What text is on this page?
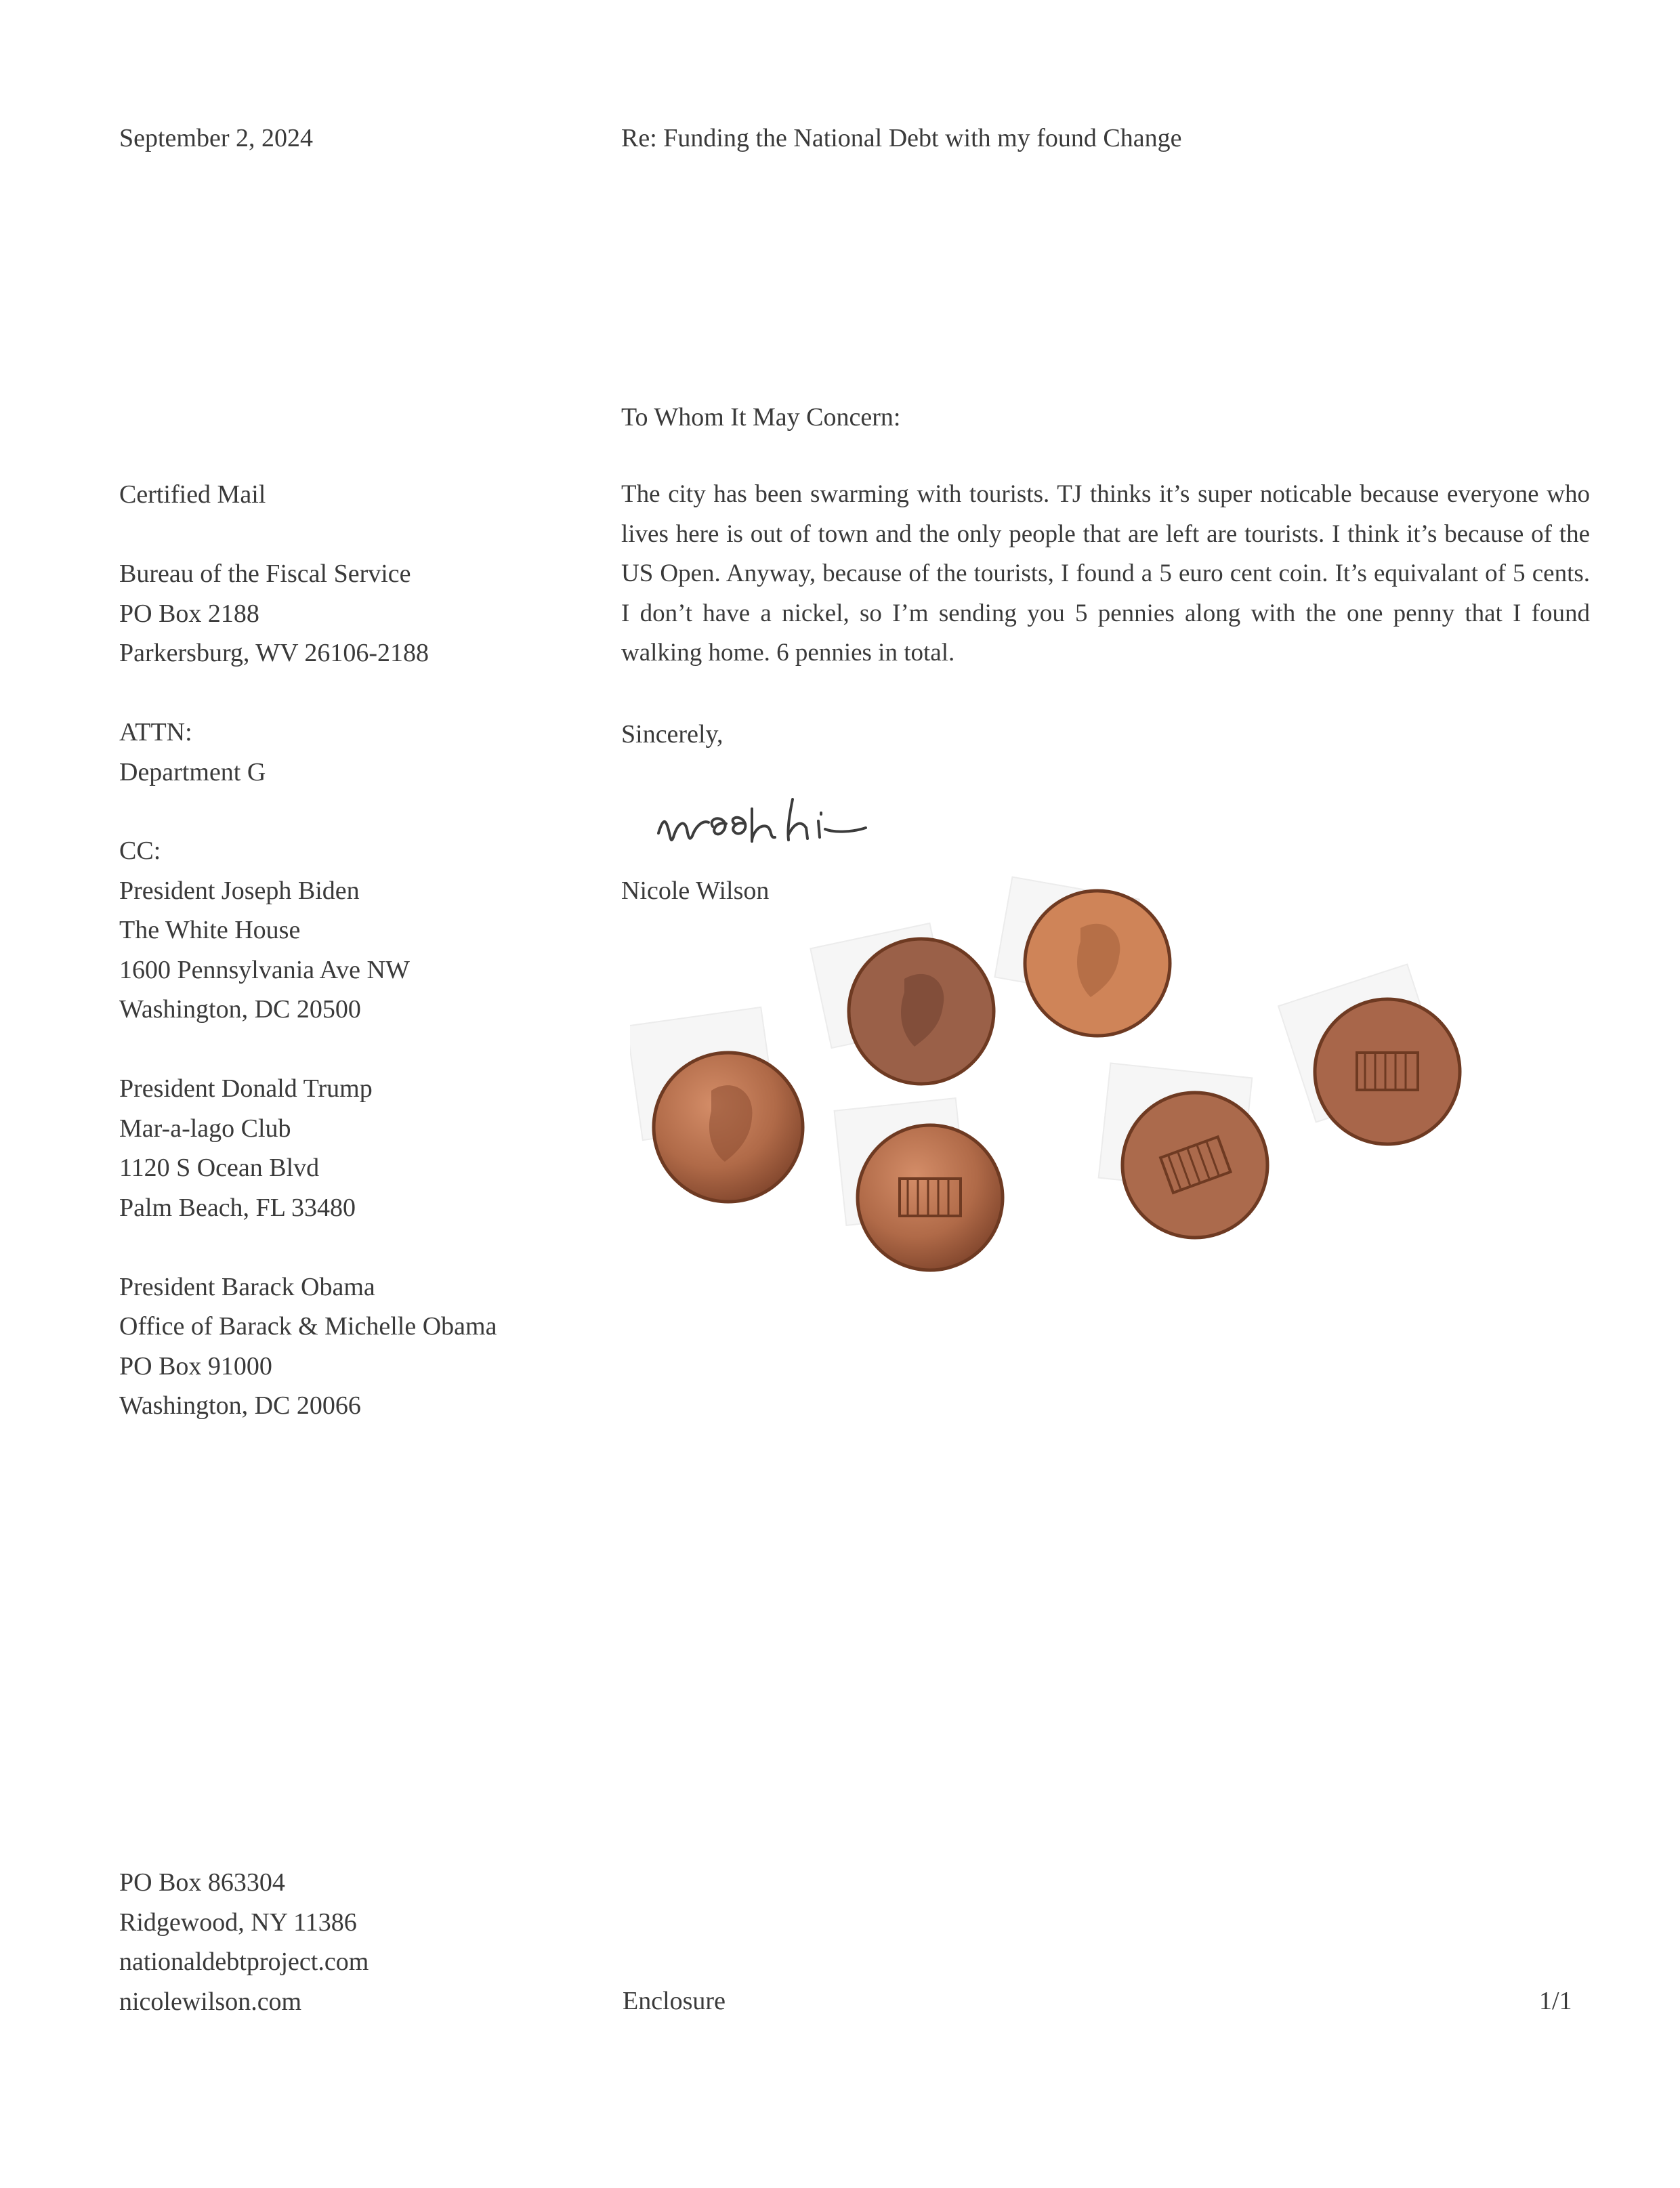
September 2, 2024	Re: Funding the National Debt with my found Change
To Whom It May Concern:
Certified Mail
Bureau of the Fiscal Service
PO Box 2188
Parkersburg, WV 26106-2188
ATTN:
Department G
CC:
President Joseph Biden
The White House
1600 Pennsylvania Ave NW
Washington, DC 20500
President Donald Trump
Mar-a-lago Club
1120 S Ocean Blvd
Palm Beach, FL 33480
President Barack Obama
Office of Barack & Michelle Obama
PO Box 91000
Washington, DC 20066

The city has been swarming with tourists. TJ thinks it’s super noticable because everyone who lives here is out of town and the only people that are left are tourists. I think it’s because of the US Open. Anyway, because of the tourists, I found a 5 euro cent coin. It’s equivalant of 5 cents. I don’t have a nickel, so I’m sending you 5 pennies along with the one penny that I found walking home. 6 pennies in total.

Sincerely,
Nicole Wilson
PO Box 863304
Ridgewood, NY 11386
nationaldebtproject.com
nicolewilson.com	Enclosure	1/1
